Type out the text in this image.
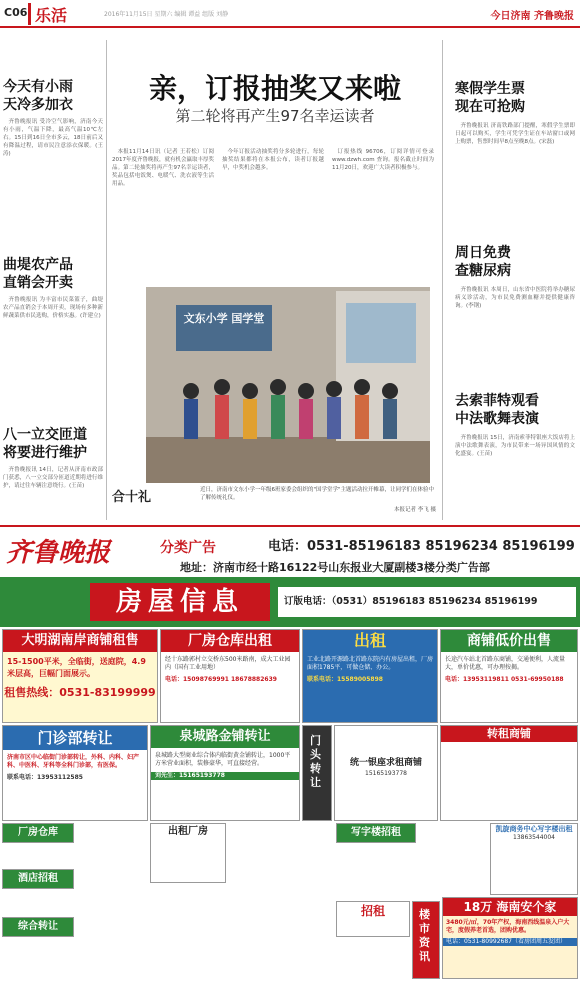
C06 乐活	2016年11月15日 星期六 编辑 谭益 组版 刘静	今日济南 齐鲁晚报
今天有小雨
天冷多加衣
齐鲁晚报讯 受冷空气影响，济南今天有小雨，气温下降，最高气温10℃左右。15日到16日全市多云，18日前后又有降温过程，请市民注意添衣保暖。(王涛)
曲堤农产品
直销会开卖
齐鲁晚报讯 为丰富市民菜篮子，曲堤农产品直销会于本周开卖，现场有多种新鲜蔬菜供市民选购，价格实惠。(许建立)
八一立交匝道
将要进行维护
齐鲁晚报讯 14日，记者从济南市政部门获悉，八一立交部分匝道近期将进行维护，请过往车辆注意绕行。(王苗)
亲，订报抽奖又来啦
第二轮将再产生97名幸运读者
本报11月14日讯（记者 王若松）订阅2017年度齐鲁晚报，就有机会赢取丰厚奖品。第二轮抽奖将再产生97名幸运读者，奖品包括电饭煲、电暖气、洗衣液等生活用品。
今年订报活动抽奖将分多轮进行，每轮抽奖结果都将在本报公布，读者订报越早，中奖机会越多。
订报热线 96706，订阅详情可登录 www.dzwh.com 查询。报名截止时间为11月20日，欢迎广大读者积极参与。
文东小学 国学堂
合十礼	近日，济南市文东小学一年级6班家委会组织的"国学堂学"主题活动拉开帷幕，让同学们在体验中了解传统礼仪。
本报记者 李飞 摄
寒假学生票
现在可抢购
齐鲁晚报讯 济南铁路部门提醒，寒假学生票即日起可以购买，学生可凭学生证在车站窗口或网上购票，售票时间早8点至晚8点。(宋磊)
周日免费
查糖尿病
齐鲁晚报讯 本周日，山东省中医院将举办糖尿病义诊活动，为市民免费测血糖并提供健康咨询。(李钢)
去索菲特观看
中法歌舞表演
齐鲁晚报讯 15日，济南索菲特银座大饭店将上演中法歌舞表演，为市民带来一场异国风情的文化盛宴。(王苗)
齐鲁晚报	分类广告	电话：0531-85196183 85196234 85196199
地址：济南市经十路16122号山东报业大厦副楼3楼分类广告部
房屋信息	订版电话：（0531）85196183 85196234 85196199
大明湖南岸商铺租售
15-1500平米，全临街，送庭院，4.9米层高，巨幅门面展示。
租售热线：0531-83199999
厂房仓库出租
经十东路郭村立交桥东500米路南，成大工业园内（国有工业用地）
电话：15098769991 18678882639
出租
工业北路开源路北首路东院内有房屋出租，厂房面积1785平，可做仓储、办公。
联系电话：15589005898
商铺低价出售
长途汽车站北首路东商铺，交通便利，人流量大，单价优惠，可办理按揭。
电话：13953119811 0531-69950188
门诊部转让
济南市区中心临街门诊部转让，外科、内科、妇产科、中医科、牙科等全科门诊部，有医保。
联系电话：13953112585
泉城路金铺转让
泉城路大型商业综合体内临街黄金铺转让，1000平方米营业面积，装修豪华，可直接经营。
刘先生：15165193778
门头转让
统一银座求租商铺
15165193778
转租商铺
厂房仓库
酒店招租
综合转让
出租厂房	写字楼招租
招租	楼市资讯
凯旋商务中心写字楼出租
13863544004
18万 海南安个家
3480元/㎡，70年产权，海南西线温泉入户大宅，度假养老首选，团购优惠。
电话：0531-80992687（看房团周五发团）
